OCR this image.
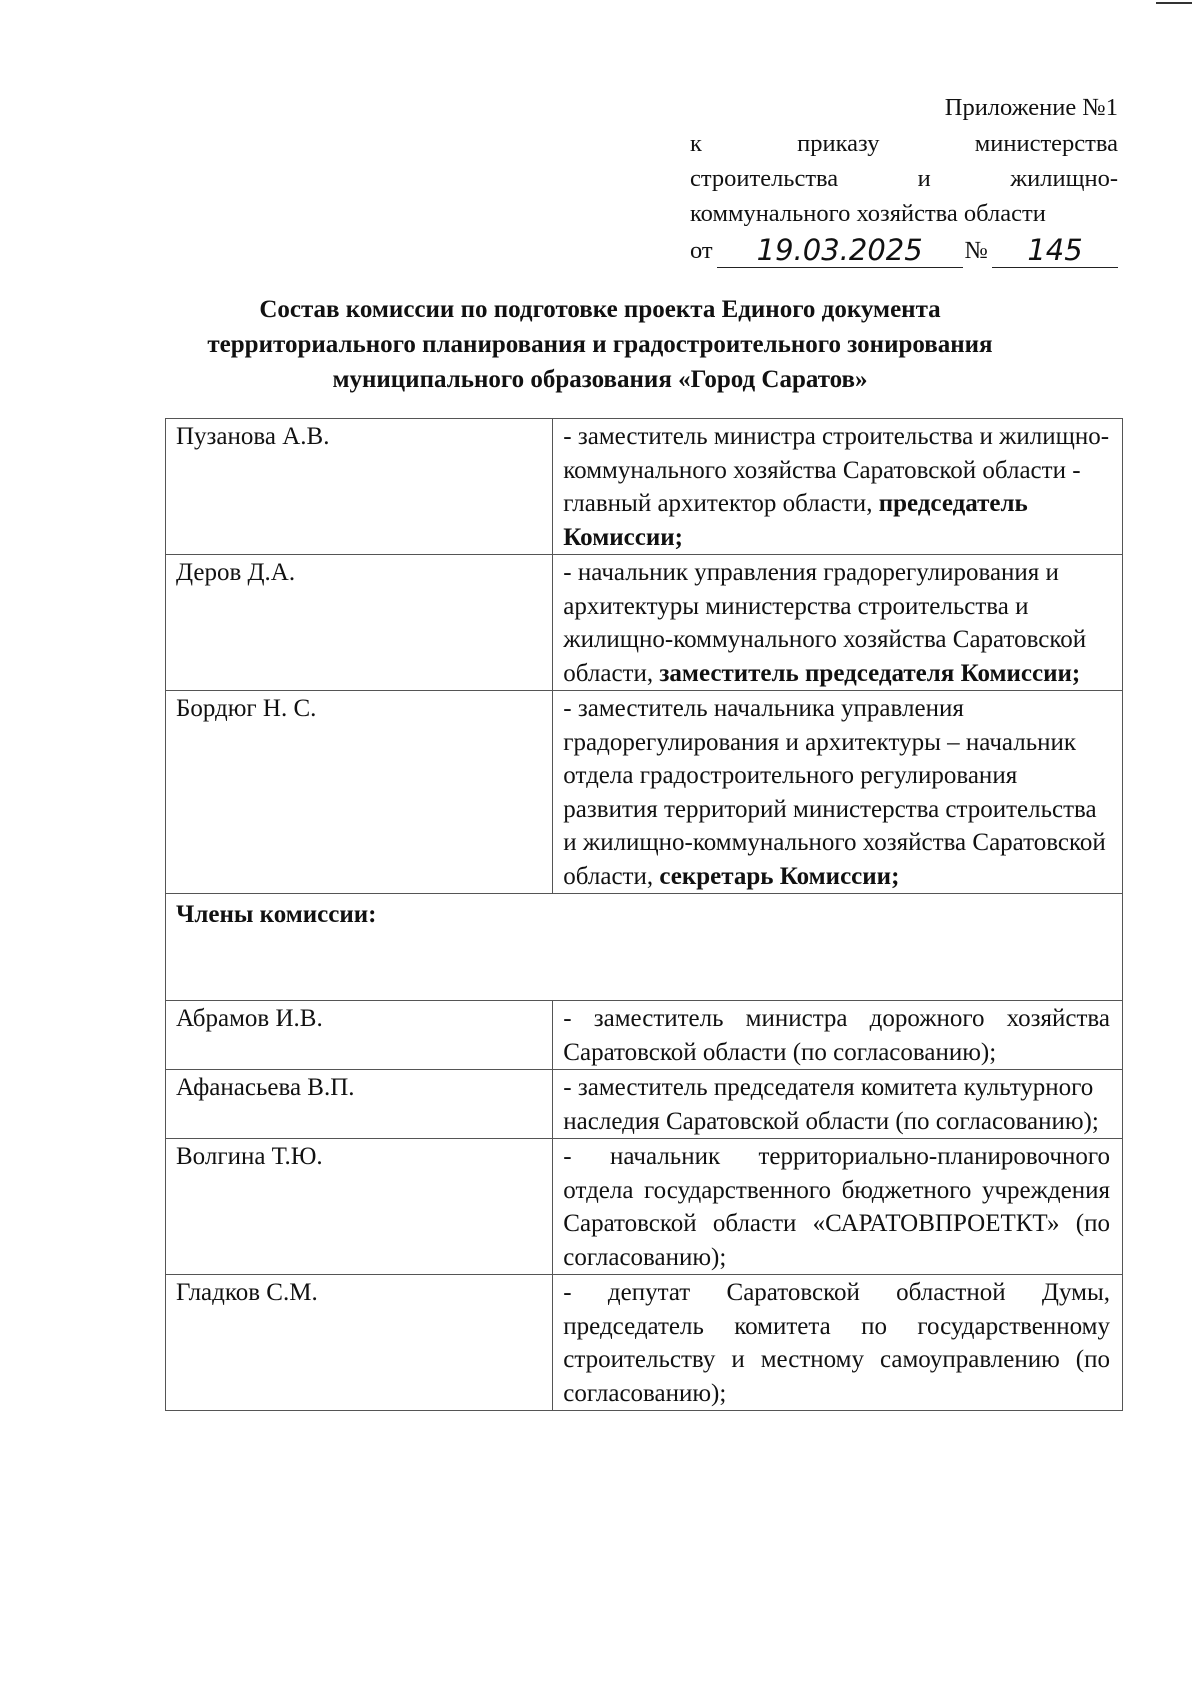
Приложение №1
к приказу министерства
строительства и жилищно-
коммунального хозяйства области
от	19.03.2025	№	145
Состав комиссии по подготовке проекта Единого документа
территориального планирования и градостроительного зонирования
муниципального образования «Город Саратов»
Пузанова А.В.	- заместитель министра строительства и жилищно- коммунального хозяйства Саратовской области - главный архитектор области, председатель Комиссии;
Деров Д.А.	- начальник управления градорегулирования и архитектуры министерства строительства и жилищно-коммунального хозяйства Саратовской области, заместитель председателя Комиссии;
Бордюг Н. С.	- заместитель начальника управления градорегулирования и архитектуры – начальник отдела градостроительного регулирования развития территорий министерства строительства и жилищно-коммунального хозяйства Саратовской области, секретарь Комиссии;
Члены комиссии:	
Абрамов И.В.	- заместитель министра дорожного хозяйства Саратовской области (по согласованию);
Афанасьева В.П.	- заместитель председателя комитета культурного наследия Саратовской области (по согласованию);
Волгина Т.Ю.	- начальник территориально-планировочного отдела государственного бюджетного учреждения Саратовской области «САРАТОВПРОЕТКТ» (по согласованию);
Гладков С.М.	- депутат Саратовской областной Думы, председатель комитета по государственному строительству и местному самоуправлению (по согласованию);
